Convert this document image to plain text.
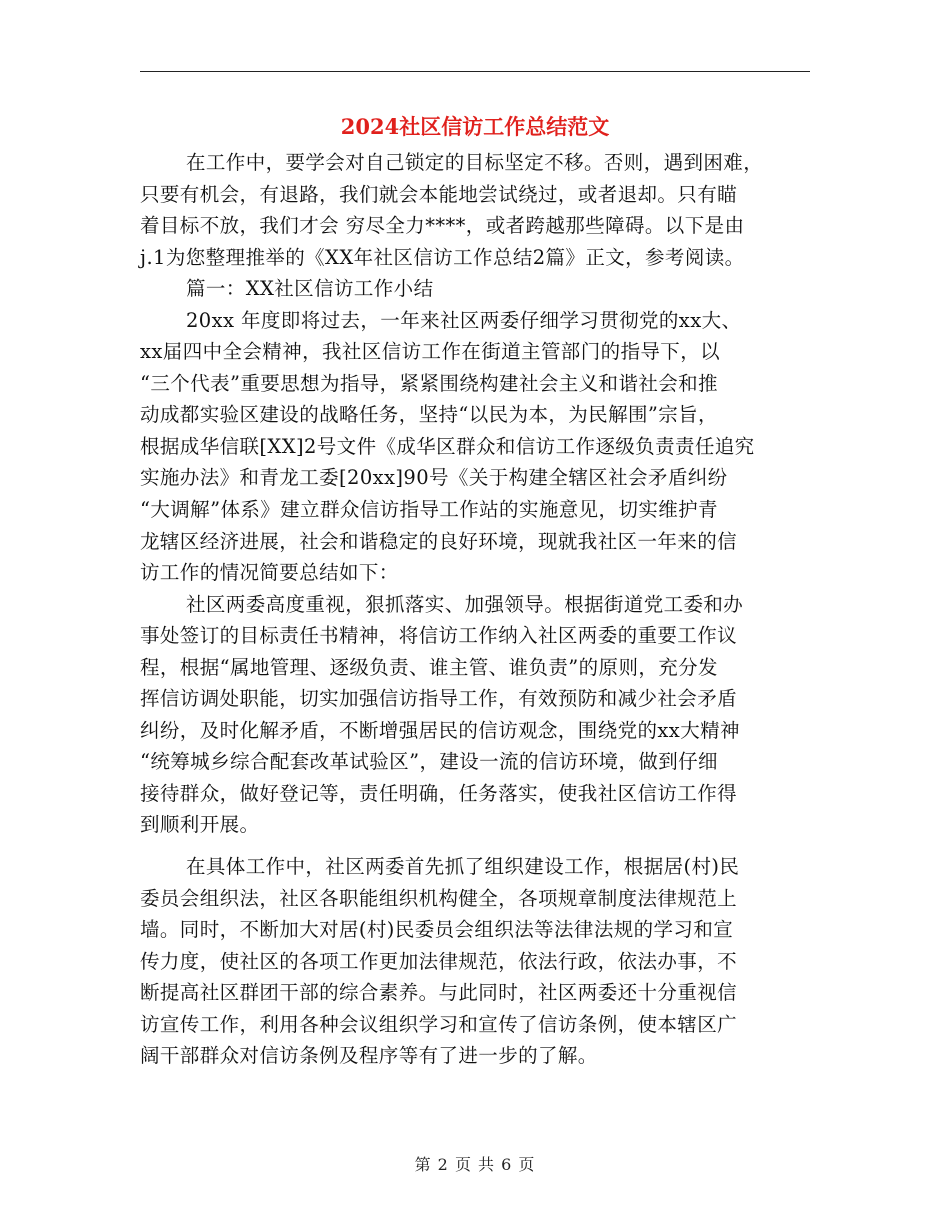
2024社区信访工作总结范文
在工作中，要学会对自己锁定的目标坚定不移。否则，遇到困难，
只要有机会，有退路，我们就会本能地尝试绕过，或者退却。只有瞄
着目标不放，我们才会 穷尽全力****，或者跨越那些障碍。以下是由
j.1为您整理推举的《XX年社区信访工作总结2篇》正文，参考阅读。
篇一：XX社区信访工作小结
20xx 年度即将过去，一年来社区两委仔细学习贯彻党的xx大、
xx届四中全会精神，我社区信访工作在街道主管部门的指导下，以
“三个代表”重要思想为指导，紧紧围绕构建社会主义和谐社会和推
动成都实验区建设的战略任务，坚持“以民为本，为民解围”宗旨，
根据成华信联[XX]2号文件《成华区群众和信访工作逐级负责责任追究
实施办法》和青龙工委[20xx]90号《关于构建全辖区社会矛盾纠纷
“大调解”体系》建立群众信访指导工作站的实施意见，切实维护青
龙辖区经济进展，社会和谐稳定的良好环境，现就我社区一年来的信
访工作的情况简要总结如下：
社区两委高度重视，狠抓落实、加强领导。根据街道党工委和办
事处签订的目标责任书精神，将信访工作纳入社区两委的重要工作议
程，根据“属地管理、逐级负责、谁主管、谁负责”的原则，充分发
挥信访调处职能，切实加强信访指导工作，有效预防和减少社会矛盾
纠纷，及时化解矛盾，不断增强居民的信访观念，围绕党的xx大精神
“统筹城乡综合配套改革试验区”，建设一流的信访环境，做到仔细
接待群众，做好登记等，责任明确，任务落实，使我社区信访工作得
到顺利开展。
在具体工作中，社区两委首先抓了组织建设工作，根据居(村)民
委员会组织法，社区各职能组织机构健全，各项规章制度法律规范上
墙。同时，不断加大对居(村)民委员会组织法等法律法规的学习和宣
传力度，使社区的各项工作更加法律规范，依法行政，依法办事，不
断提高社区群团干部的综合素养。与此同时，社区两委还十分重视信
访宣传工作，利用各种会议组织学习和宣传了信访条例，使本辖区广
阔干部群众对信访条例及程序等有了进一步的了解。
第 2 页 共 6 页
